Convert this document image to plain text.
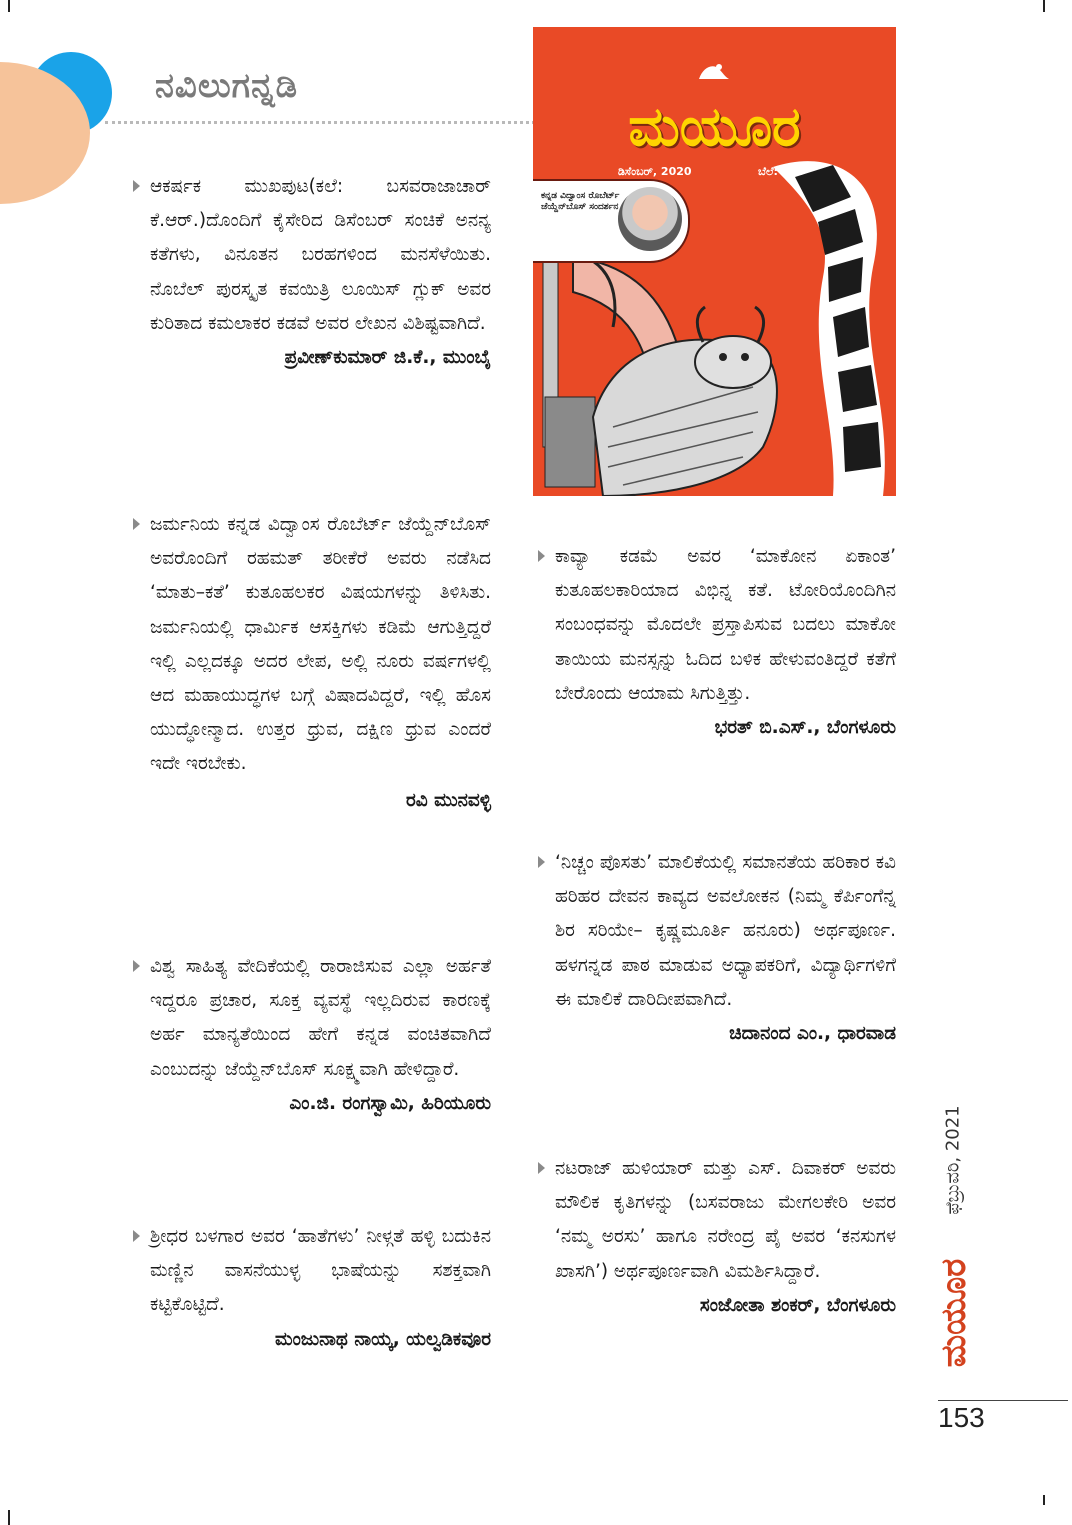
ನವಿಲುಗನ್ನಡಿ
ಮಯೂರ
ಡಿಸೆಂಬರ್, 2020	ಬೆಲೆ: ₹15
ಕನ್ನಡ ವಿದ್ವಾಂಸ ರೊಬೆರ್ಟ್ ಜೆಯ್ದೆನ್‌ಬೊಸ್ ಸಂದರ್ಶನ
ಆಕರ್ಷಕ ಮುಖಪುಟ(ಕಲೆ: ಬಸವರಾಜಾಚಾರ್ ಕೆ.ಆರ್.)ದೊಂದಿಗೆ ಕೈಸೇರಿದ ಡಿಸೆಂಬರ್ ಸಂಚಿಕೆ ಅನನ್ಯ ಕತೆಗಳು, ವಿನೂತನ ಬರಹಗಳಿಂದ ಮನಸೆಳೆಯಿತು. ನೊಬೆಲ್ ಪುರಸ್ಕೃತ ಕವಯಿತ್ರಿ ಲೂಯಿಸ್ ಗ್ಲುಕ್ ಅವರ ಕುರಿತಾದ ಕಮಲಾಕರ ಕಡವೆ ಅವರ ಲೇಖನ ವಿಶಿಷ್ಟವಾಗಿದೆ.
ಪ್ರವೀಣ್‌ಕುಮಾರ್ ಜಿ.ಕೆ., ಮುಂಬೈ
ಜರ್ಮನಿಯ ಕನ್ನಡ ವಿದ್ವಾಂಸ ರೊಬೆರ್ಟ್ ಜೆಯ್ದೆನ್‌ಬೊಸ್ ಅವರೊಂದಿಗೆ ರಹಮತ್ ತರೀಕೆರೆ ಅವರು ನಡೆಸಿದ ‘ಮಾತು–ಕತೆ’ ಕುತೂಹಲಕರ ವಿಷಯಗಳನ್ನು ತಿಳಿಸಿತು. ಜರ್ಮನಿಯಲ್ಲಿ ಧಾರ್ಮಿಕ ಆಸಕ್ತಿಗಳು ಕಡಿಮೆ ಆಗುತ್ತಿದ್ದರೆ ಇಲ್ಲಿ ಎಲ್ಲದಕ್ಕೂ ಅದರ ಲೇಪ, ಅಲ್ಲಿ ನೂರು ವರ್ಷಗಳಲ್ಲಿ ಆದ ಮಹಾಯುದ್ಧಗಳ ಬಗ್ಗೆ ವಿಷಾದವಿದ್ದರೆ, ಇಲ್ಲಿ ಹೊಸ ಯುದ್ಧೋನ್ಮಾದ. ಉತ್ತರ ಧ್ರುವ, ದಕ್ಷಿಣ ಧ್ರುವ ಎಂದರೆ ಇದೇ ಇರಬೇಕು.
ರವಿ ಮುನವಳ್ಳಿ
ವಿಶ್ವ ಸಾಹಿತ್ಯ ವೇದಿಕೆಯಲ್ಲಿ ರಾರಾಜಿಸುವ ಎಲ್ಲಾ ಅರ್ಹತೆ ಇದ್ದರೂ ಪ್ರಚಾರ, ಸೂಕ್ತ ವ್ಯವಸ್ಥೆ ಇಲ್ಲದಿರುವ ಕಾರಣಕ್ಕೆ ಅರ್ಹ ಮಾನ್ಯತೆಯಿಂದ ಹೇಗೆ ಕನ್ನಡ ವಂಚಿತವಾಗಿದೆ ಎಂಬುದನ್ನು ಜೆಯ್ದೆನ್‌ಬೊಸ್ ಸೂಕ್ಷ್ಮವಾಗಿ ಹೇಳಿದ್ದಾರೆ.
ಎಂ.ಜಿ. ರಂಗಸ್ವಾಮಿ, ಹಿರಿಯೂರು
ಶ್ರೀಧರ ಬಳಗಾರ ಅವರ ‘ಹಾತೆಗಳು’ ನೀಳ್ಗತೆ ಹಳ್ಳಿ ಬದುಕಿನ ಮಣ್ಣಿನ ವಾಸನೆಯುಳ್ಳ ಭಾಷೆಯನ್ನು ಸಶಕ್ತವಾಗಿ ಕಟ್ಟಿಕೊಟ್ಟಿದೆ.
ಮಂಜುನಾಥ ನಾಯ್ಕ, ಯಲ್ವಡಿಕವೂರ
ಕಾವ್ಯಾ ಕಡಮೆ ಅವರ ‘ಮಾಕೋನ ಏಕಾಂತ’ ಕುತೂಹಲಕಾರಿಯಾದ ವಿಭಿನ್ನ ಕತೆ. ಟೋರಿಯೊಂದಿಗಿನ ಸಂಬಂಧವನ್ನು ಮೊದಲೇ ಪ್ರಸ್ತಾಪಿಸುವ ಬದಲು ಮಾಕೋ ತಾಯಿಯ ಮನಸ್ಸನ್ನು ಓದಿದ ಬಳಿಕ ಹೇಳುವಂತಿದ್ದರೆ ಕತೆಗೆ ಬೇರೊಂದು ಆಯಾಮ ಸಿಗುತ್ತಿತ್ತು.
ಭರತ್ ಬಿ.ಎಸ್., ಬೆಂಗಳೂರು
‘ನಿಚ್ಚಂ ಪೊಸತು’ ಮಾಲಿಕೆಯಲ್ಲಿ ಸಮಾನತೆಯ ಹರಿಕಾರ ಕವಿ ಹರಿಹರ ದೇವನ ಕಾವ್ಯದ ಅವಲೋಕನ (ನಿಮ್ಮ ಕೆರ್ಪಿಂಗೆನ್ನ ಶಿರ ಸರಿಯೇ– ಕೃಷ್ಣಮೂರ್ತಿ ಹನೂರು) ಅರ್ಥಪೂರ್ಣ. ಹಳಗನ್ನಡ ಪಾಠ ಮಾಡುವ ಅಧ್ಯಾಪಕರಿಗೆ, ವಿದ್ಯಾರ್ಥಿಗಳಿಗೆ ಈ ಮಾಲಿಕೆ ದಾರಿದೀಪವಾಗಿದೆ.
ಚಿದಾನಂದ ಎಂ., ಧಾರವಾಡ
ನಟರಾಜ್ ಹುಳಿಯಾರ್ ಮತ್ತು ಎಸ್. ದಿವಾಕರ್ ಅವರು ಮೌಲಿಕ ಕೃತಿಗಳನ್ನು (ಬಸವರಾಜು ಮೇಗಲಕೇರಿ ಅವರ ‘ನಮ್ಮ ಅರಸು’ ಹಾಗೂ ನರೇಂದ್ರ ಪೈ ಅವರ ‘ಕನಸುಗಳ ಖಾಸಗಿ’) ಅರ್ಥಪೂರ್ಣವಾಗಿ ವಿಮರ್ಶಿಸಿದ್ದಾರೆ.
ಸಂಜೋತಾ ಶಂಕರ್, ಬೆಂಗಳೂರು
ಫೆಬ್ರುವರಿ, 2021
ಮಯೂರ
153
